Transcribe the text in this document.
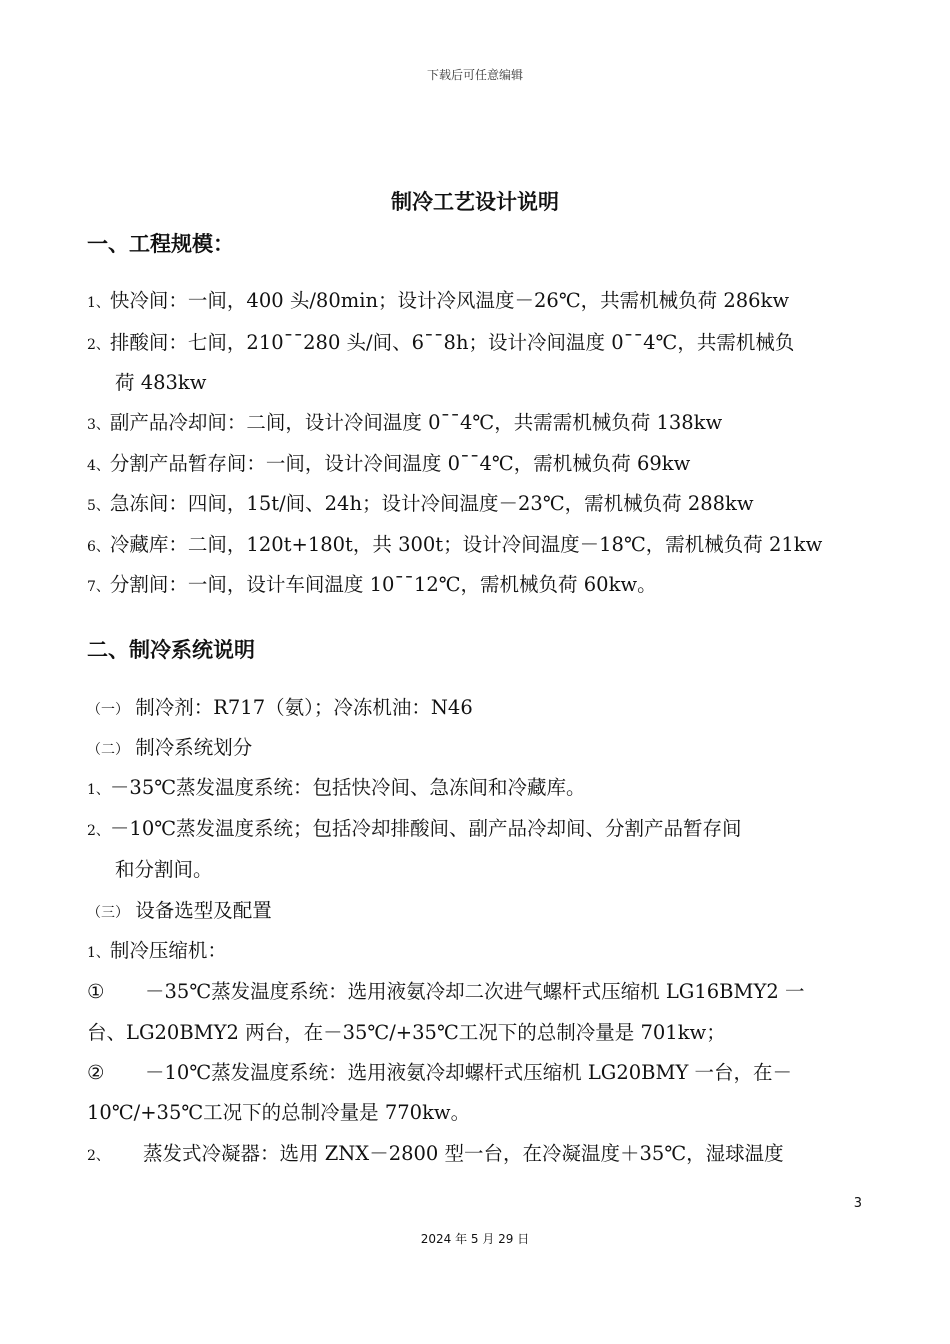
下载后可任意编辑
制冷工艺设计说明
一、工程规模：
1、快冷间：一间，400 头/80min；设计冷风温度－26℃，共需机械负荷 286kw
2、排酸间：七间，210¯¯280 头/间、6¯¯8h；设计冷间温度 0¯¯4℃，共需机械负
荷 483kw
3、副产品冷却间：二间，设计冷间温度 0¯¯4℃，共需需机械负荷 138kw
4、分割产品暂存间：一间，设计冷间温度 0¯¯4℃，需机械负荷 69kw
5、急冻间：四间，15t/间、24h；设计冷间温度－23℃，需机械负荷 288kw
6、冷藏库：二间，120t+180t，共 300t；设计冷间温度－18℃，需机械负荷 21kw
7、分割间：一间，设计车间温度 10¯¯12℃，需机械负荷 60kw。
二、制冷系统说明
（一） 制冷剂：R717（氨）；冷冻机油：N46
（二） 制冷系统划分
1、－35℃蒸发温度系统：包括快冷间、急冻间和冷藏库。
2、－10℃蒸发温度系统；包括冷却排酸间、副产品冷却间、分割产品暂存间
和分割间。
（三） 设备选型及配置
1、制冷压缩机：
① －35℃蒸发温度系统：选用液氨冷却二次进气螺杆式压缩机 LG16BMY2 一
台、LG20BMY2 两台，在－35℃/+35℃工况下的总制冷量是 701kw；
② －10℃蒸发温度系统：选用液氨冷却螺杆式压缩机 LG20BMY 一台，在－
10℃/+35℃工况下的总制冷量是 770kw。
2、 蒸发式冷凝器：选用 ZNX－2800 型一台，在冷凝温度＋35℃，湿球温度
3
2024 年 5 月 29 日
